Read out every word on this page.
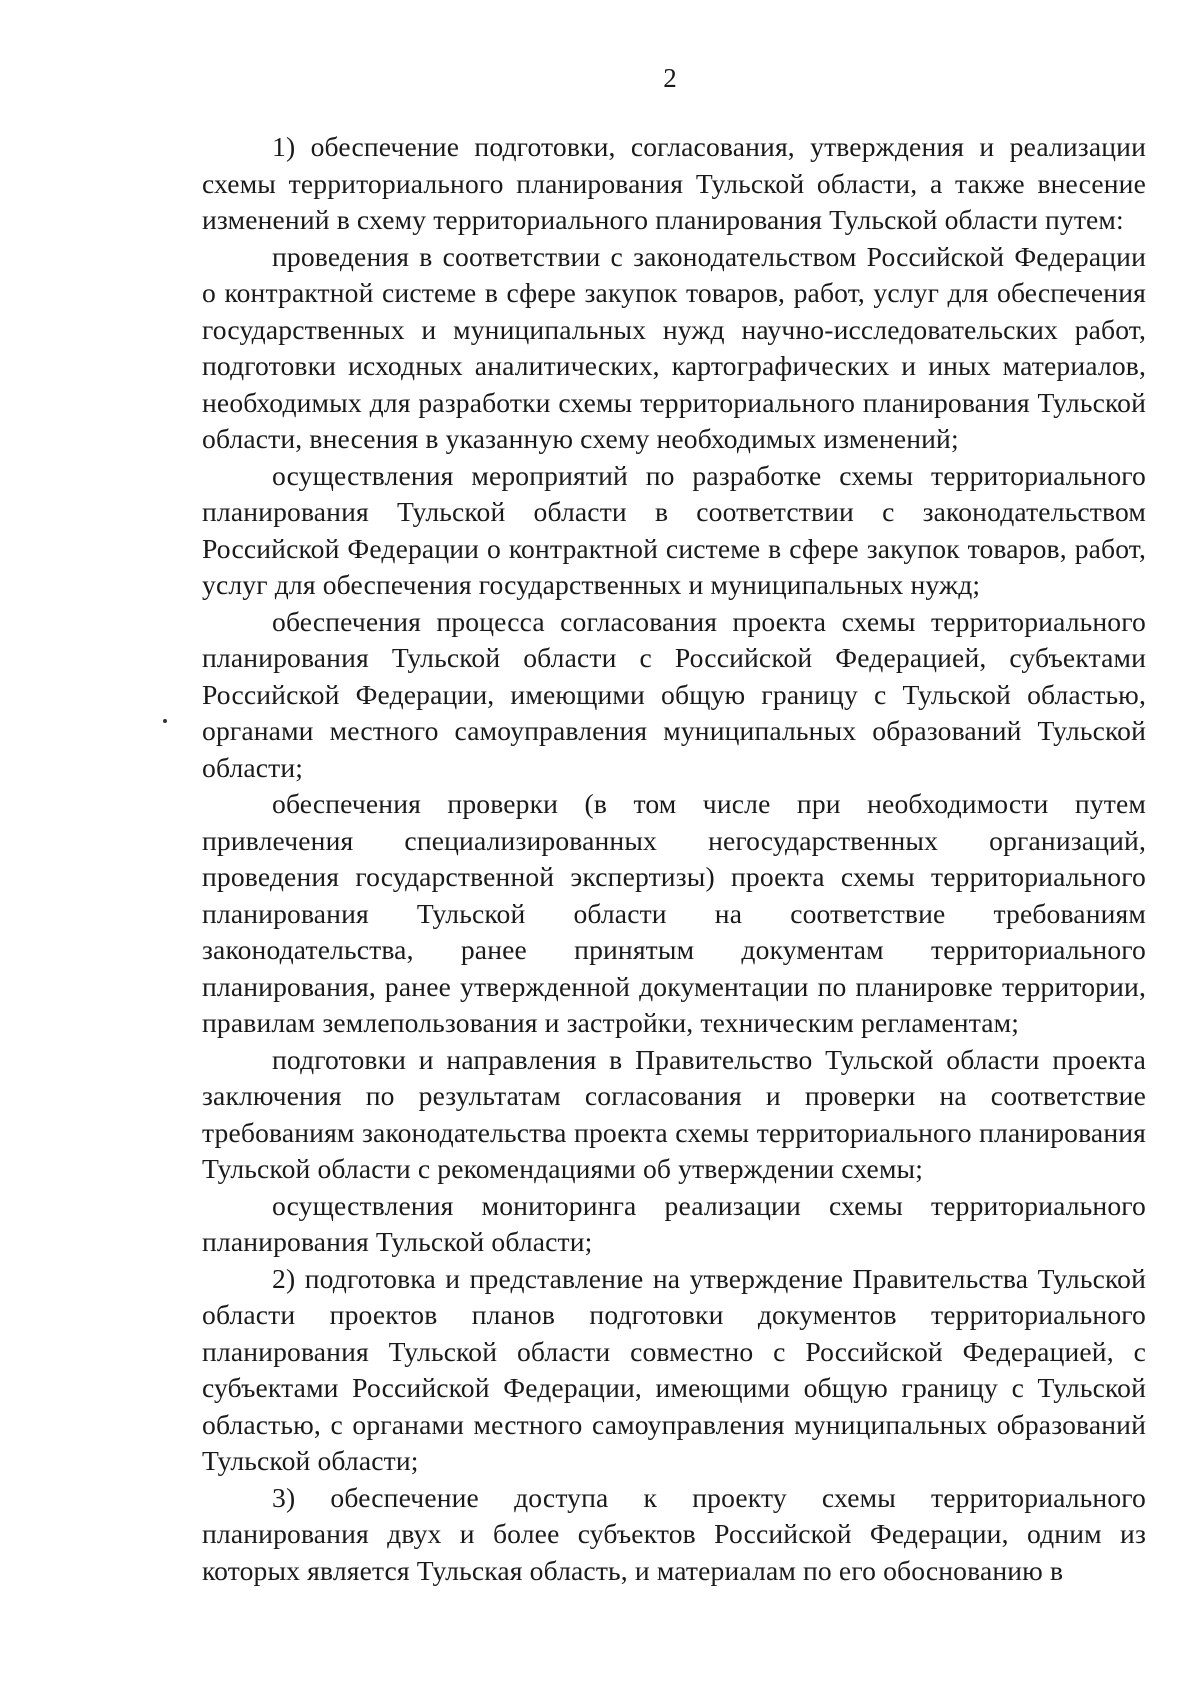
2

1) обеспечение подготовки, согласования, утверждения и реализации схемы территориального планирования Тульской области, а также внесение изменений в схему территориального планирования Тульской области путем:

проведения в соответствии с законодательством Российской Федерации о контрактной системе в сфере закупок товаров, работ, услуг для обеспечения государственных и муниципальных нужд научно-исследовательских работ, подготовки исходных аналитических, картографических и иных материалов, необходимых для разработки схемы территориального планирования Тульской области, внесения в указанную схему необходимых изменений;

осуществления мероприятий по разработке схемы территориального планирования Тульской области в соответствии с законодательством Российской Федерации о контрактной системе в сфере закупок товаров, работ, услуг для обеспечения государственных и муниципальных нужд;

обеспечения процесса согласования проекта схемы территориального планирования Тульской области с Российской Федерацией, субъектами Российской Федерации, имеющими общую границу с Тульской областью, органами местного самоуправления муниципальных образований Тульской области;

обеспечения проверки (в том числе при необходимости путем привлечения специализированных негосударственных организаций, проведения государственной экспертизы) проекта схемы территориального планирования Тульской области на соответствие требованиям законодательства, ранее принятым документам территориального планирования, ранее утвержденной документации по планировке территории, правилам землепользования и застройки, техническим регламентам;

подготовки и направления в Правительство Тульской области проекта заключения по результатам согласования и проверки на соответствие требованиям законодательства проекта схемы территориального планирования Тульской области с рекомендациями об утверждении схемы;

осуществления мониторинга реализации схемы территориального планирования Тульской области;

2) подготовка и представление на утверждение Правительства Тульской области проектов планов подготовки документов территориального планирования Тульской области совместно с Российской Федерацией, с субъектами Российской Федерации, имеющими общую границу с Тульской областью, с органами местного самоуправления муниципальных образований Тульской области;

3) обеспечение доступа к проекту схемы территориального планирования двух и более субъектов Российской Федерации, одним из которых является Тульская область, и материалам по его обоснованию в
